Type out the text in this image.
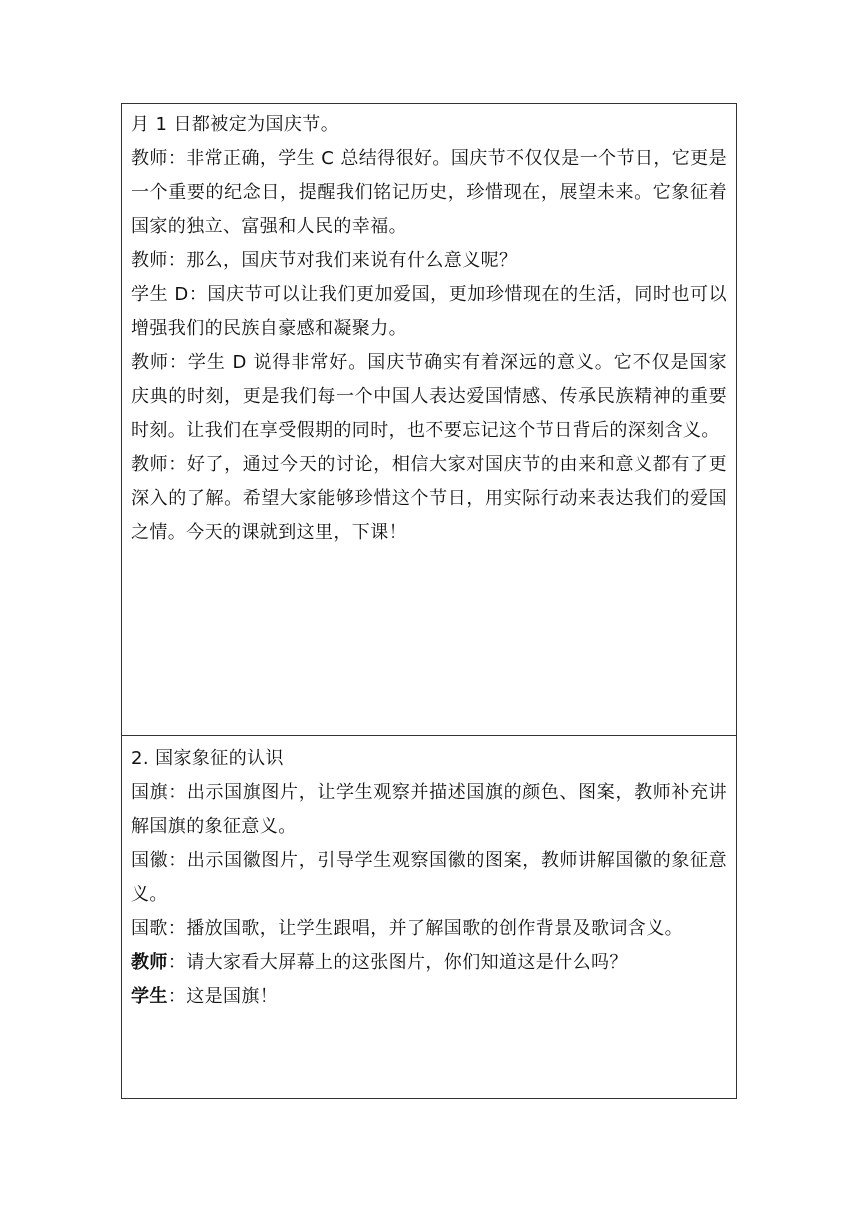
月 1 日都被定为国庆节。

教师：非常正确，学生 C 总结得很好。国庆节不仅仅是一个节日，它更是一个重要的纪念日，提醒我们铭记历史，珍惜现在，展望未来。它象征着国家的独立、富强和人民的幸福。

教师：那么，国庆节对我们来说有什么意义呢？

学生 D：国庆节可以让我们更加爱国，更加珍惜现在的生活，同时也可以增强我们的民族自豪感和凝聚力。

教师：学生 D 说得非常好。国庆节确实有着深远的意义。它不仅是国家庆典的时刻，更是我们每一个中国人表达爱国情感、传承民族精神的重要时刻。让我们在享受假期的同时，也不要忘记这个节日背后的深刻含义。

教师：好了，通过今天的讨论，相信大家对国庆节的由来和意义都有了更深入的了解。希望大家能够珍惜这个节日，用实际行动来表达我们的爱国之情。今天的课就到这里，下课！

2. 国家象征的认识

国旗：出示国旗图片，让学生观察并描述国旗的颜色、图案，教师补充讲解国旗的象征意义。

国徽：出示国徽图片，引导学生观察国徽的图案，教师讲解国徽的象征意义。

国歌：播放国歌，让学生跟唱，并了解国歌的创作背景及歌词含义。

教师：请大家看大屏幕上的这张图片，你们知道这是什么吗？

学生：这是国旗！
